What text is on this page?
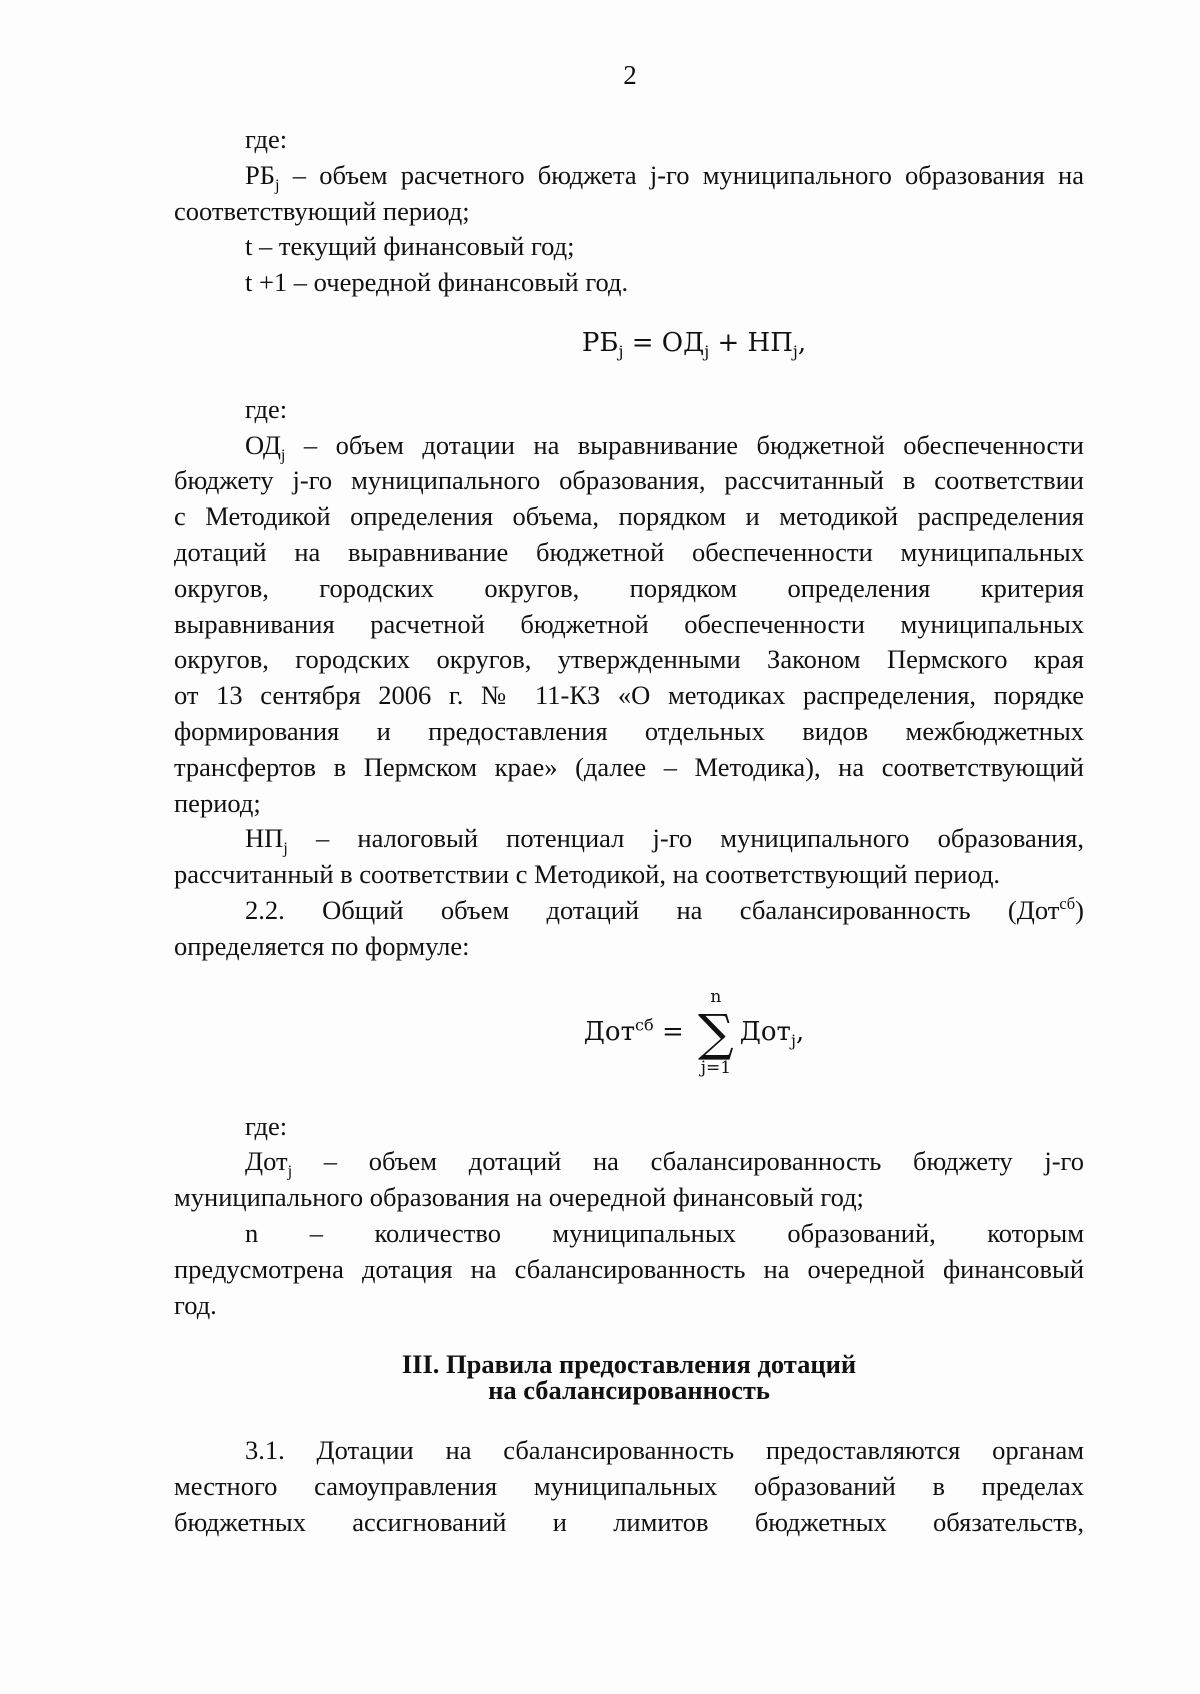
2

где:

$РБ_j$ – объем расчетного бюджета j-го муниципального образования на соответствующий период;

t – текущий финансовый год;

t +1 – очередной финансовый год.

$РБ_j = ОД_j + НП_j$,

где:

$ОД_j$ – объем дотации на выравнивание бюджетной обеспеченности

бюджету j-го муниципального образования, рассчитанный в соответствии

с Методикой определения объема, порядком и методикой распределения

дотаций на выравнивание бюджетной обеспеченности муниципальных

округов, городских округов, порядком определения критерия

выравнивания расчетной бюджетной обеспеченности муниципальных

округов, городских округов, утвержденными Законом Пермского края

от 13 сентября 2006 г. № 11-КЗ «О методиках распределения, порядке

формирования и предоставления отдельных видов межбюджетных

трансфертов в Пермском крае» (далее – Методика), на соответствующий

период;

$НП_j$ – налоговый потенциал j-го муниципального образования,

рассчитанный в соответствии с Методикой, на соответствующий период.

2.2. Общий объем дотаций на сбалансированность (Дот$^{сб}$)

определяется по формуле:

Дот$^{сб}$ =
n
∑
j=1
Дот$_j$,

где:

Дот$_j$ – объем дотаций на сбалансированность бюджету j-го

муниципального образования на очередной финансовый год;

n – количество муниципальных образований, которым

предусмотрена дотация на сбалансированность на очередной финансовый

год.

III. Правила предоставления дотаций
на сбалансированность

3.1. Дотации на сбалансированность предоставляются органам

местного самоуправления муниципальных образований в пределах

бюджетных ассигнований и лимитов бюджетных обязательств,
